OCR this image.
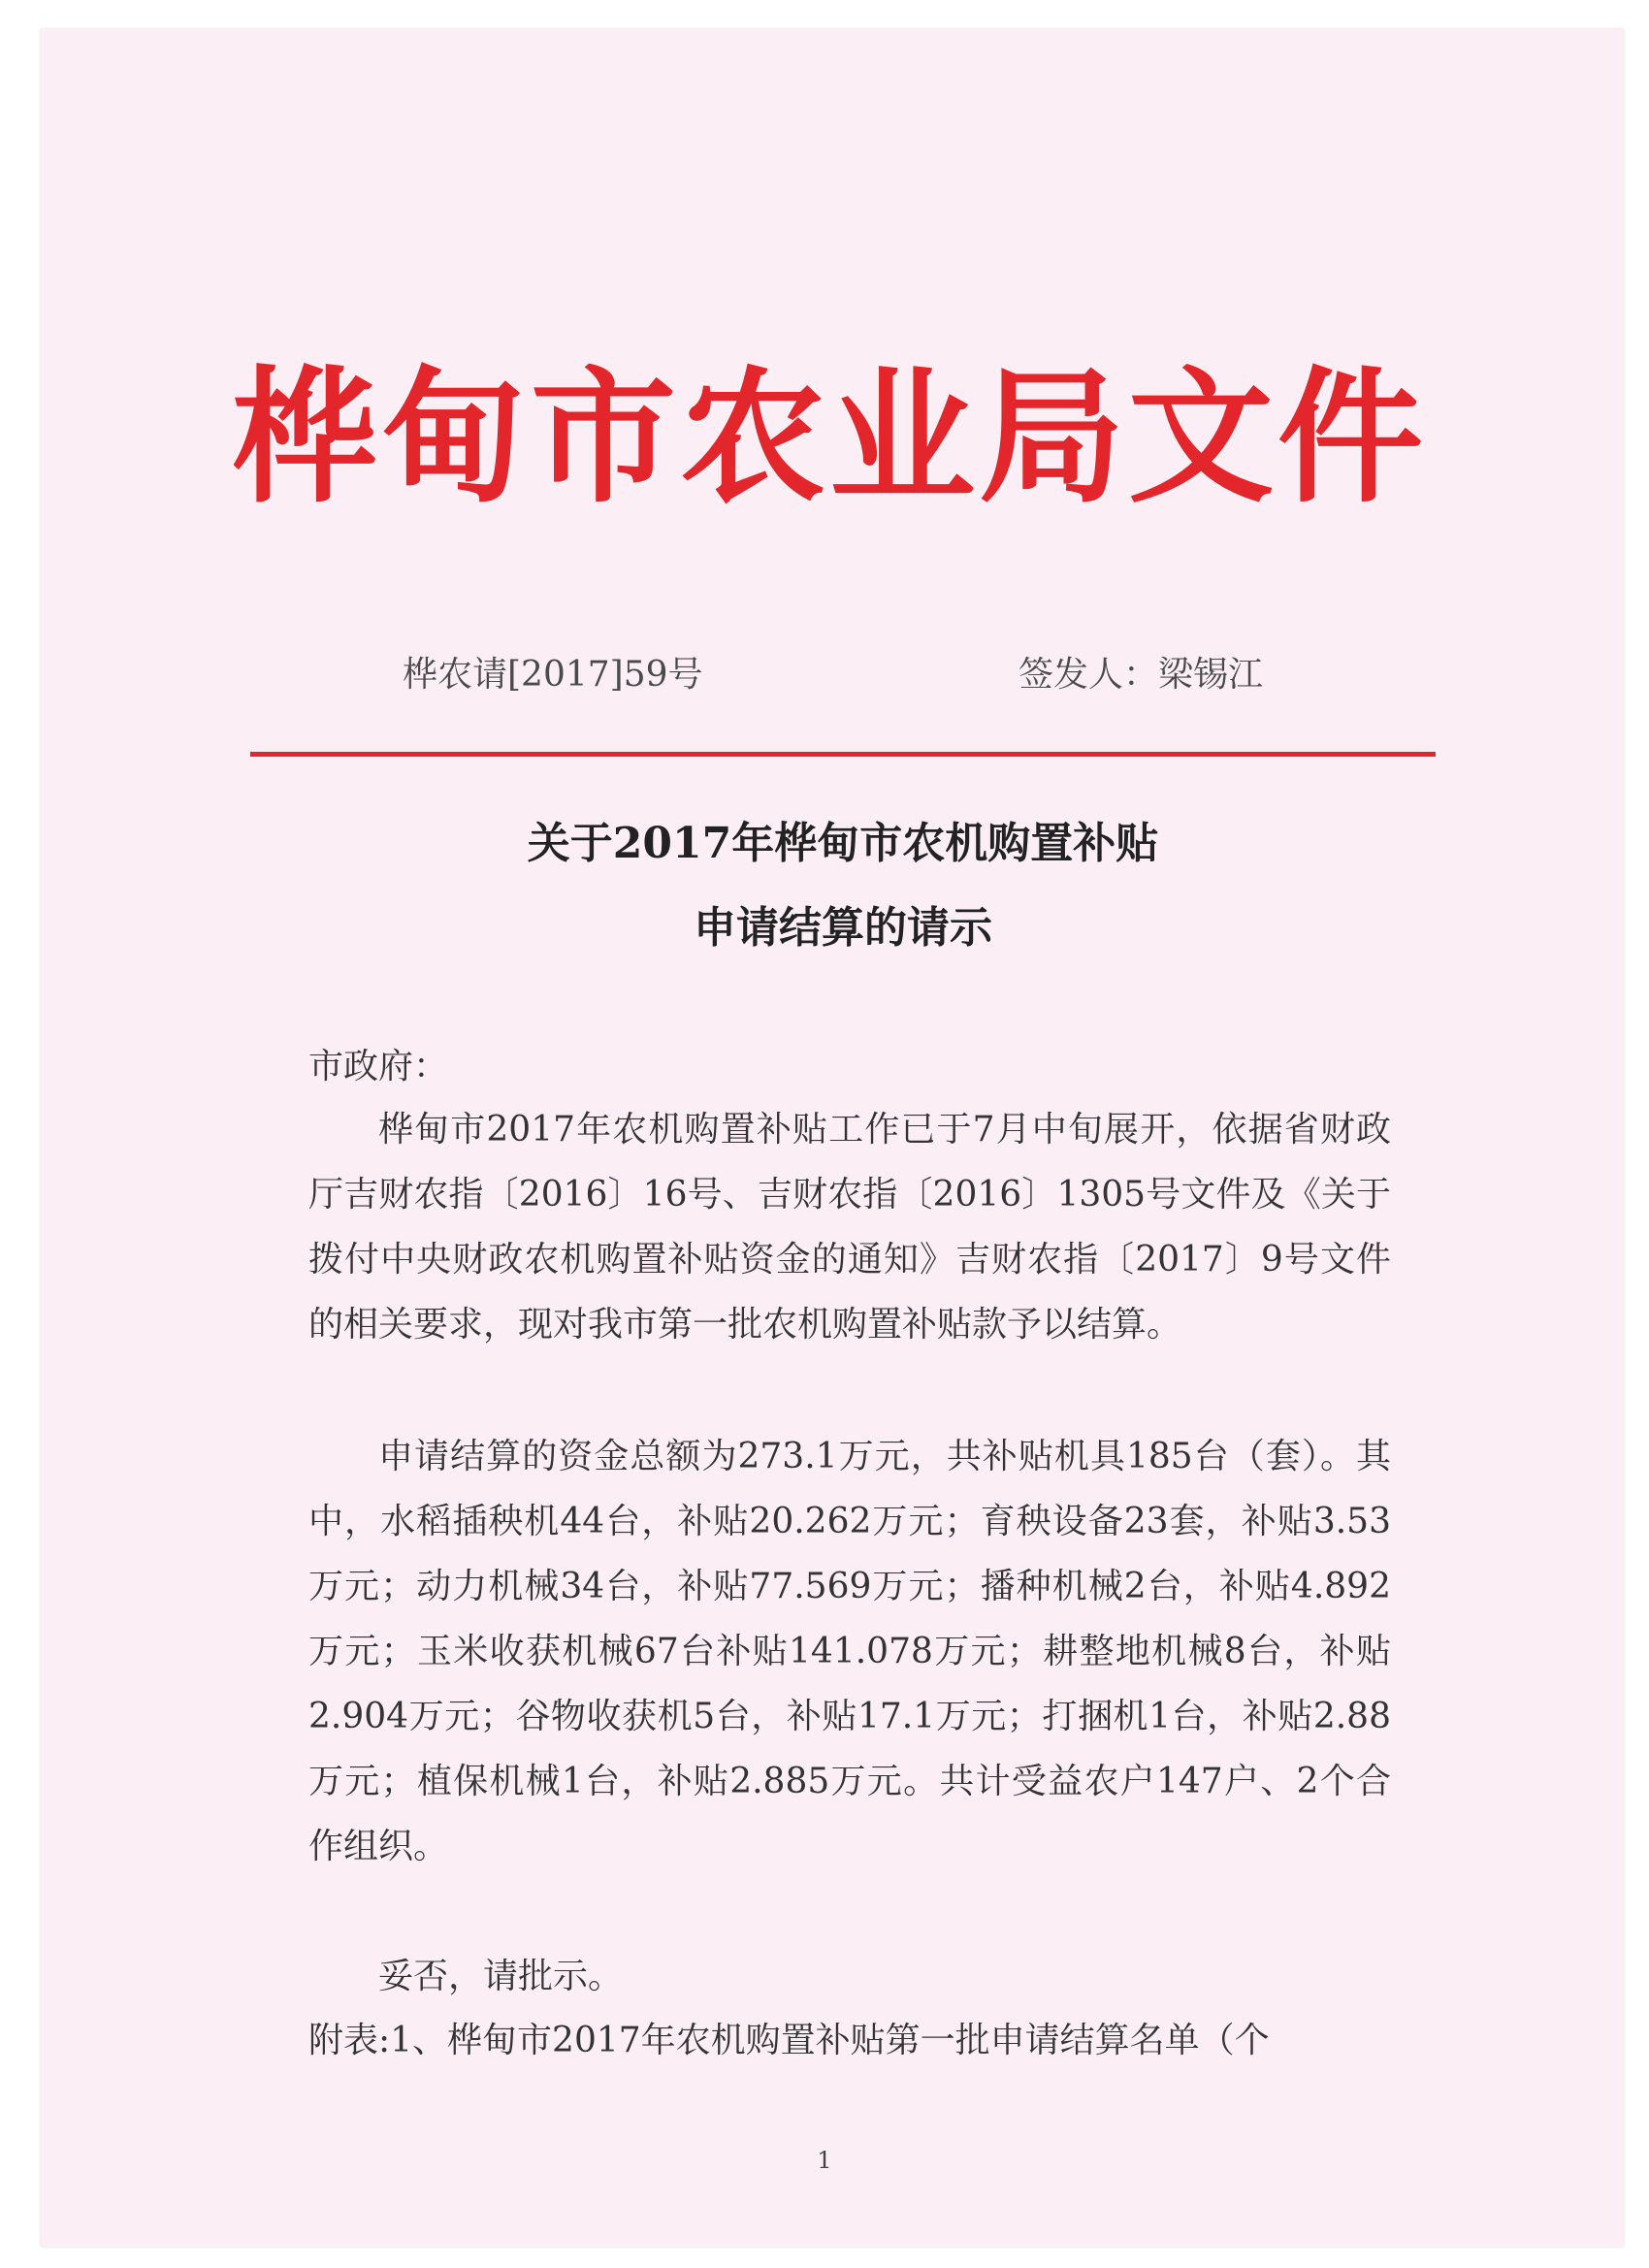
桦甸市农业局文件
桦农请[2017]59号	签发人：梁锡江
关于2017年桦甸市农机购置补贴
申请结算的请示
市政府：

桦甸市2017年农机购置补贴工作已于7月中旬展开，依据省财政厅吉财农指〔2016〕16号、吉财农指〔2016〕1305号文件及《关于拨付中央财政农机购置补贴资金的通知》吉财农指〔2017〕9号文件的相关要求，现对我市第一批农机购置补贴款予以结算。

申请结算的资金总额为273.1万元，共补贴机具185台（套）。其中，水稻插秧机44台，补贴20.262万元；育秧设备23套，补贴3.53万元；动力机械34台，补贴77.569万元；播种机械2台，补贴4.892万元；玉米收获机械67台补贴141.078万元；耕整地机械8台，补贴2.904万元；谷物收获机5台，补贴17.1万元；打捆机1台，补贴2.88万元；植保机械1台，补贴2.885万元。共计受益农户147户、2个合作组织。

妥否，请批示。

附表:1、桦甸市2017年农机购置补贴第一批申请结算名单（个
1
